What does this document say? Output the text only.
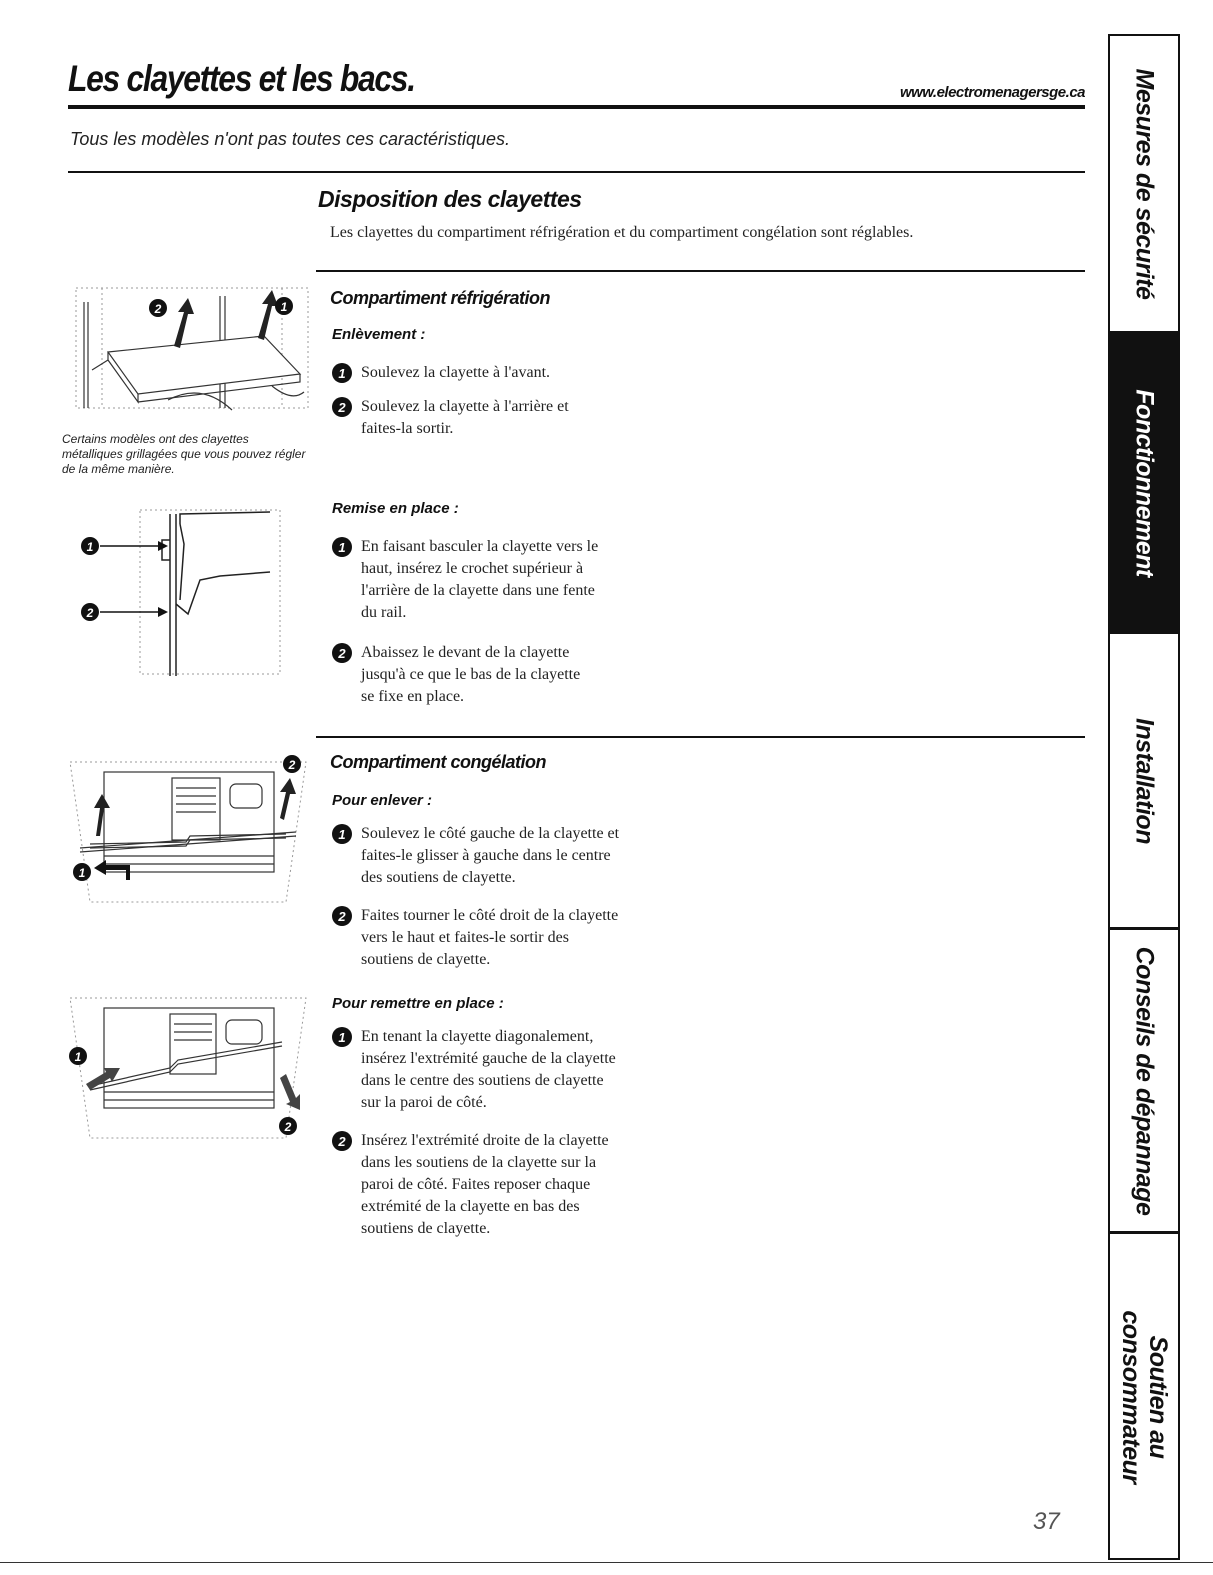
Les clayettes et les bacs.	www.electromenagersge.ca
Tous les modèles n'ont pas toutes ces caractéristiques.
Disposition des clayettes
Les clayettes du compartiment réfrigération et du compartiment congélation sont réglables.
Compartiment réfrigération
Enlèvement :
1 Soulevez la clayette à l'avant.
2 Soulevez la clayette à l'arrière et
faites-la sortir.
Remise en place :
1 En faisant basculer la clayette vers le
haut, insérez le crochet supérieur à
l'arrière de la clayette dans une fente
du rail.
2 Abaissez le devant de la clayette
jusqu'à ce que le bas de la clayette
se fixe en place.
Certains modèles ont des clayettes métalliques grillagées que vous pouvez régler de la même manière.
Compartiment congélation
Pour enlever :
1 Soulevez le côté gauche de la clayette et
faites-le glisser à gauche dans le centre
des soutiens de clayette.
2 Faites tourner le côté droit de la clayette
vers le haut et faites-le sortir des
soutiens de clayette.
Pour remettre en place :
1 En tenant la clayette diagonalement,
insérez l'extrémité gauche de la clayette
dans le centre des soutiens de clayette
sur la paroi de côté.
2 Insérez l'extrémité droite de la clayette
dans les soutiens de la clayette sur la
paroi de côté. Faites reposer chaque
extrémité de la clayette en bas des
soutiens de clayette.
2	1
1
2
2
1
1
2
Mesures de sécurité
Fonctionnement
Installation
Conseils de dépannage
Soutien au consommateur
37
